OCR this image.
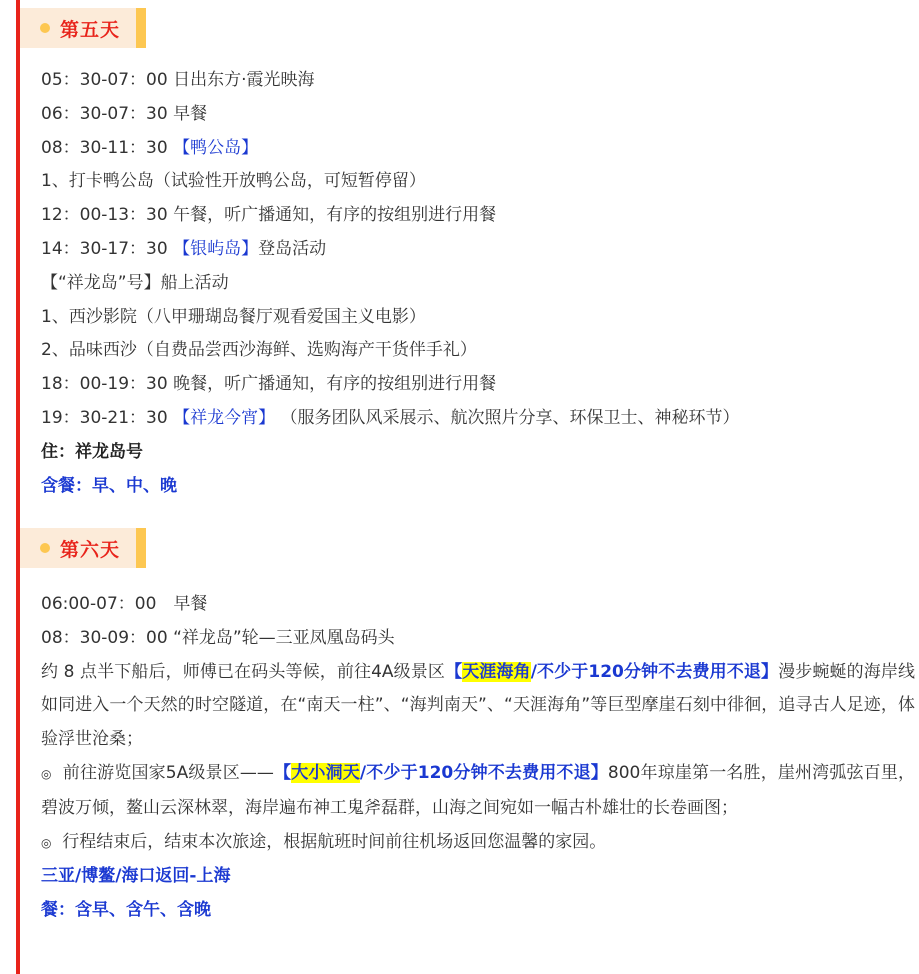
第五天
05：30-07：00 日出东方·霞光映海
06：30-07：30 早餐
08：30-11：30 【鸭公岛】
1、打卡鸭公岛（试验性开放鸭公岛，可短暂停留）
12：00-13：30 午餐，听广播通知，有序的按组别进行用餐
14：30-17：30 【银屿岛】登岛活动
【“祥龙岛”号】船上活动
1、西沙影院（八甲珊瑚岛餐厅观看爱国主义电影）
2、品味西沙（自费品尝西沙海鲜、选购海产干货伴手礼）
18：00-19：30 晚餐，听广播通知，有序的按组别进行用餐
19：30-21：30 【祥龙今宵】 （服务团队风采展示、航次照片分享、环保卫士、神秘环节）
住：祥龙岛号
含餐：早、中、晚
第六天
06:00-07：00　早餐
08：30-09：00 “祥龙岛”轮—三亚凤凰岛码头
约 8 点半下船后，师傅已在码头等候，前往4A级景区【天涯海角/不少于120分钟不去费用不退】漫步蜿蜒的海岸线如同进入一个天然的时空隧道，在“南天一柱”、“海判南天”、“天涯海角”等巨型摩崖石刻中徘徊，追寻古人足迹，体验浮世沧桑；
◎ 前往游览国家5A级景区——【大小洞天/不少于120分钟不去费用不退】800年琼崖第一名胜，崖州湾弧弦百里，碧波万倾，鳌山云深林翠，海岸遍布神工鬼斧磊群，山海之间宛如一幅古朴雄壮的长卷画图；
◎ 行程结束后，结束本次旅途，根据航班时间前往机场返回您温馨的家园。
三亚/博鳌/海口返回-上海
餐：含早、含午、含晚
